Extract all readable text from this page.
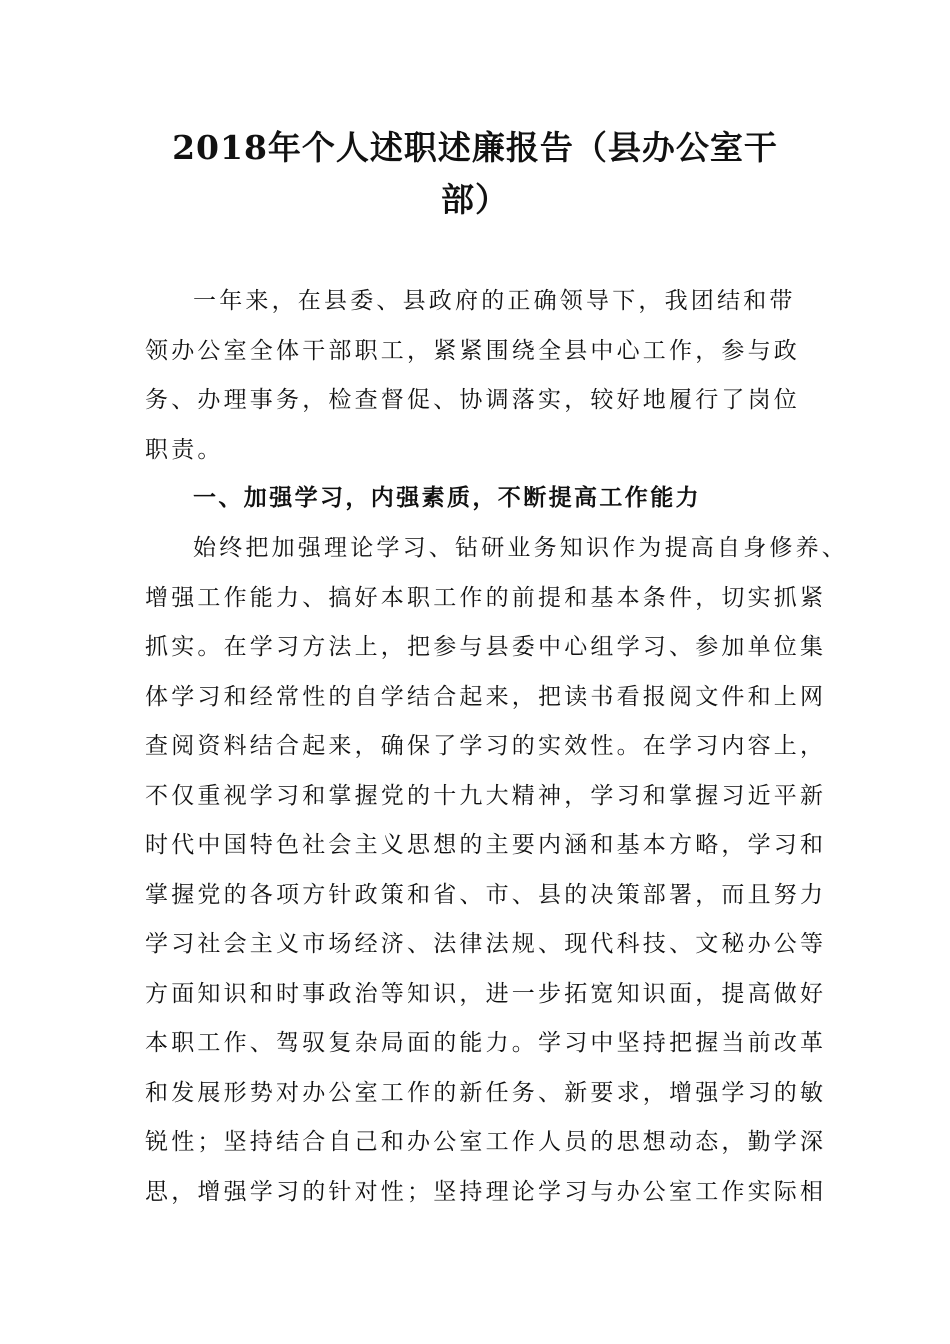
2018年个人述职述廉报告（县办公室干
部）
一年来，在县委、县政府的正确领导下，我团结和带
领办公室全体干部职工，紧紧围绕全县中心工作，参与政
务、办理事务，检查督促、协调落实，较好地履行了岗位
职责。
一、加强学习，内强素质，不断提高工作能力
始终把加强理论学习、钻研业务知识作为提高自身修养、
增强工作能力、搞好本职工作的前提和基本条件，切实抓紧
抓实。在学习方法上，把参与县委中心组学习、参加单位集
体学习和经常性的自学结合起来，把读书看报阅文件和上网
查阅资料结合起来，确保了学习的实效性。在学习内容上，
不仅重视学习和掌握党的十九大精神，学习和掌握习近平新
时代中国特色社会主义思想的主要内涵和基本方略，学习和
掌握党的各项方针政策和省、市、县的决策部署，而且努力
学习社会主义市场经济、法律法规、现代科技、文秘办公等
方面知识和时事政治等知识，进一步拓宽知识面，提高做好
本职工作、驾驭复杂局面的能力。学习中坚持把握当前改革
和发展形势对办公室工作的新任务、新要求，增强学习的敏
锐性；坚持结合自己和办公室工作人员的思想动态，勤学深
思，增强学习的针对性；坚持理论学习与办公室工作实际相
